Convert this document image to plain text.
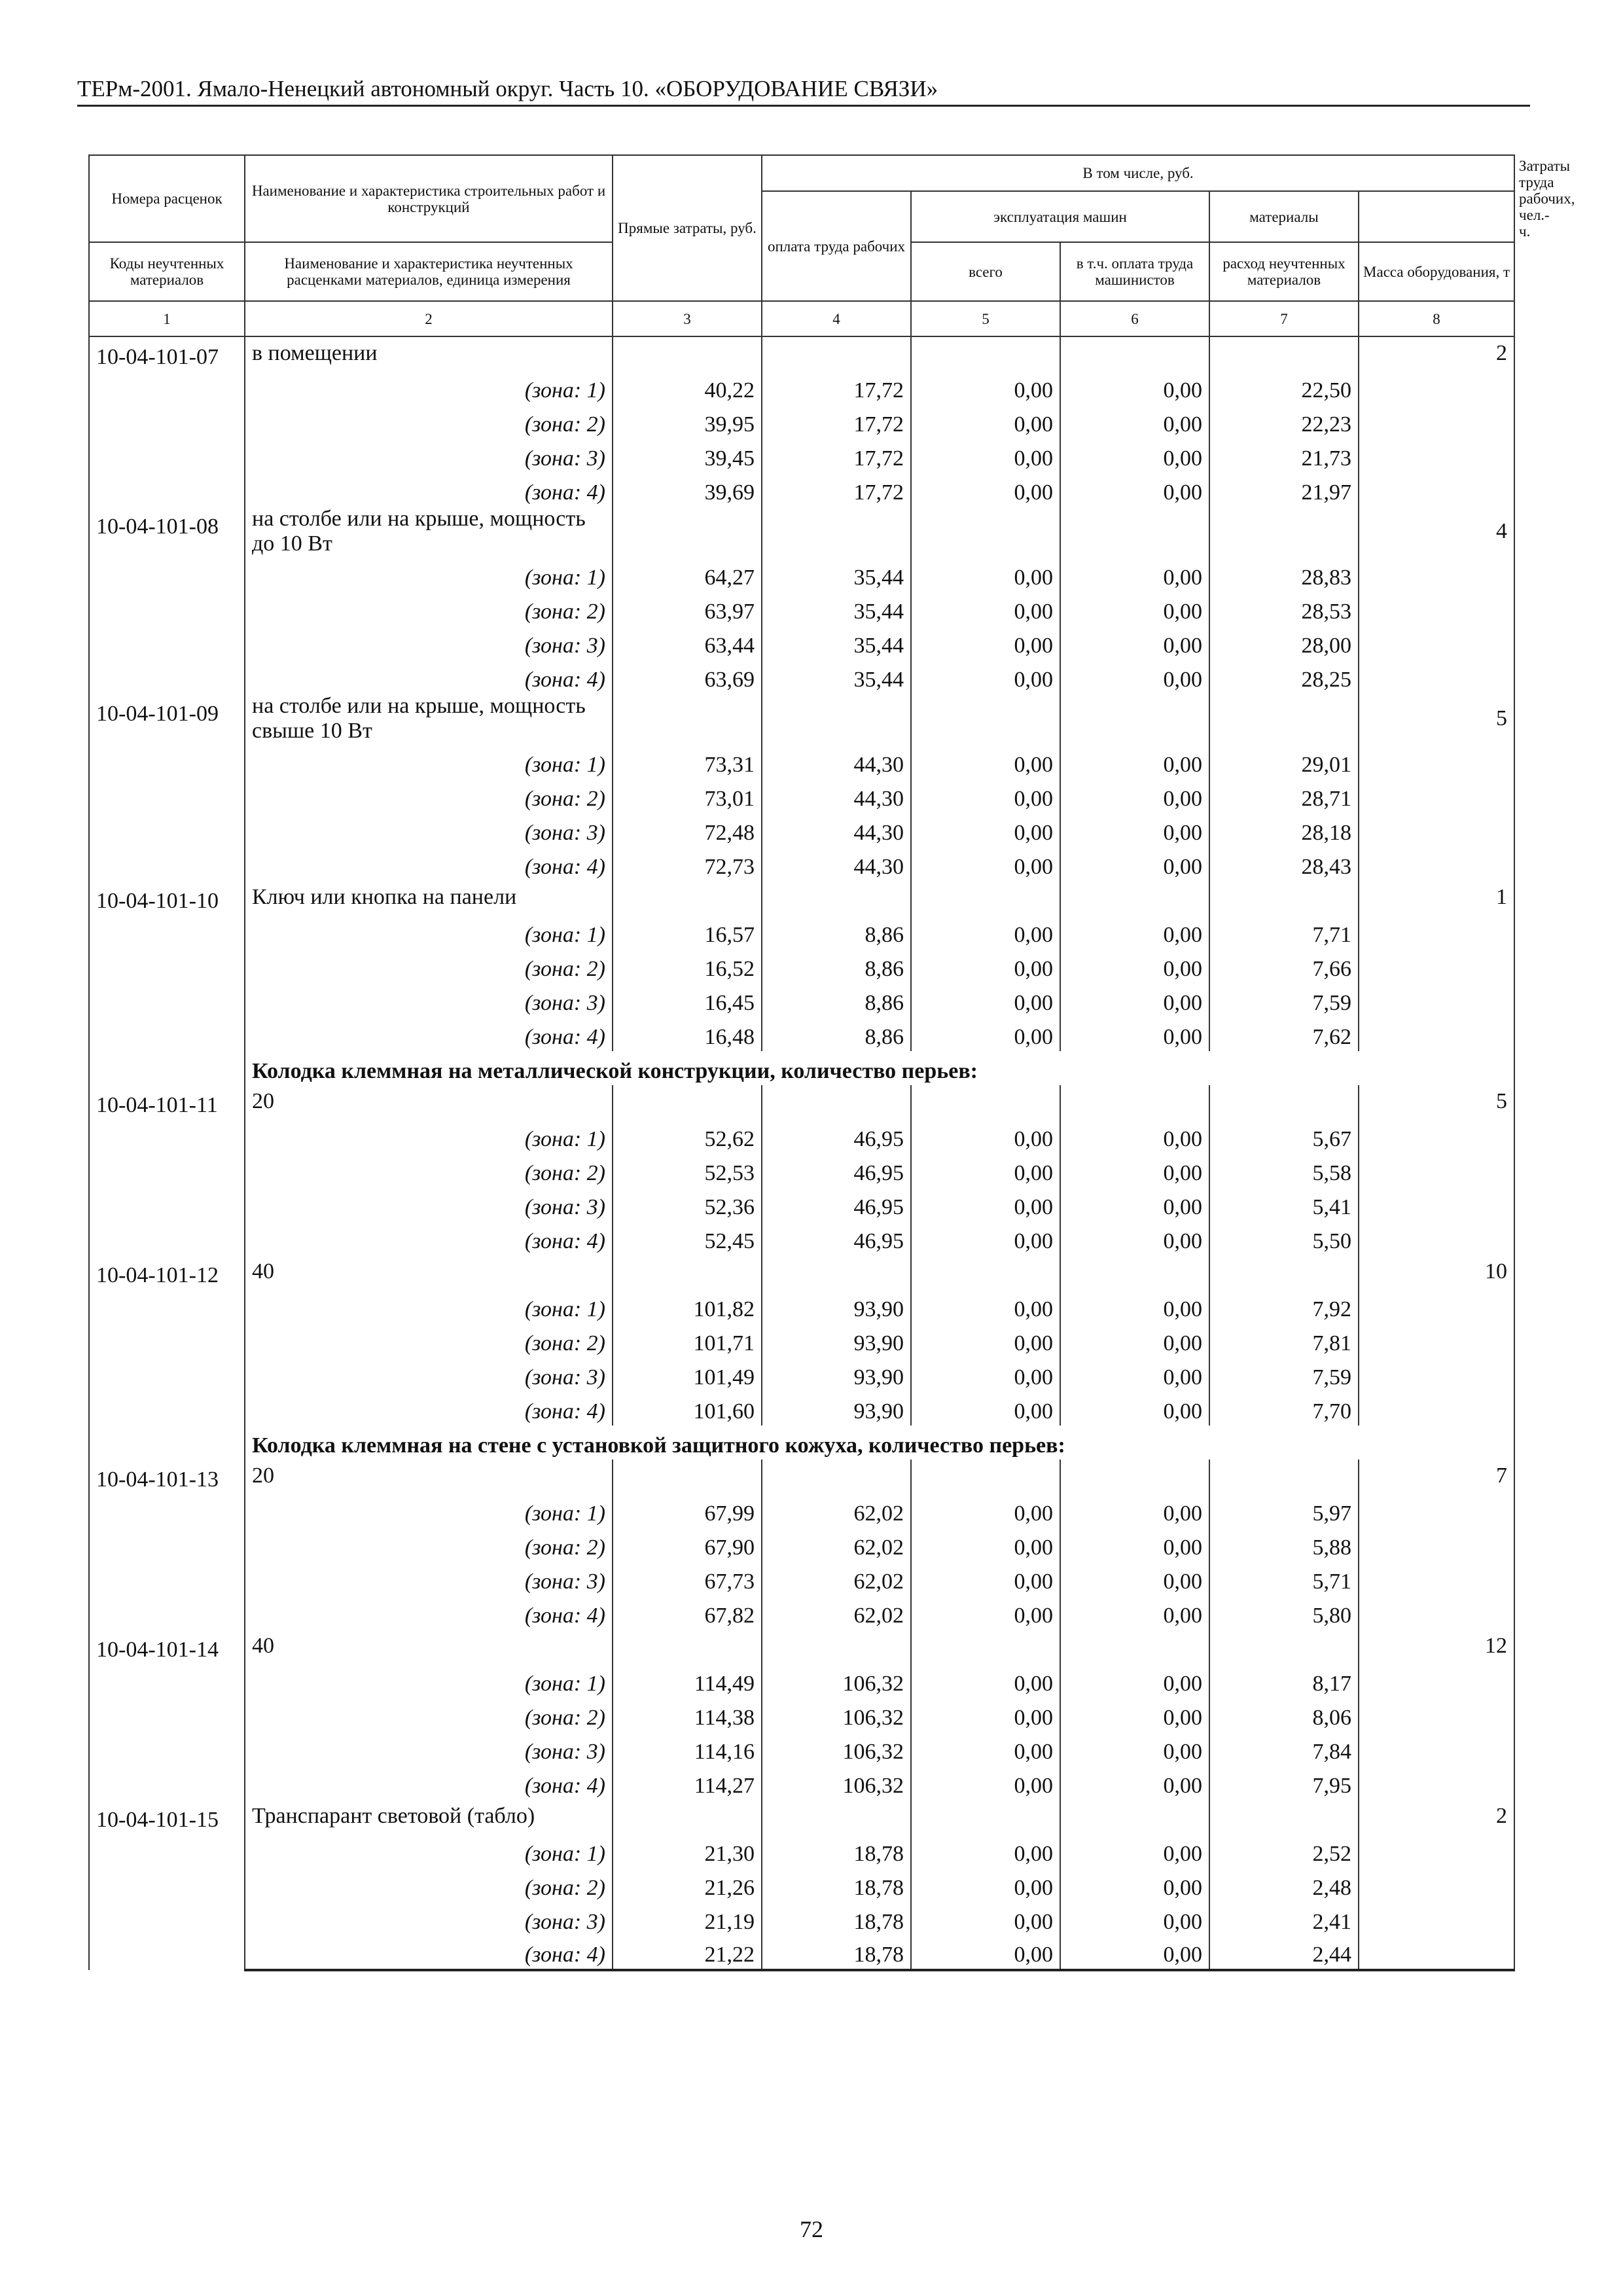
ТЕРм-2001. Ямало-Ненецкий автономный округ. Часть 10. «ОБОРУДОВАНИЕ СВЯЗИ»
Номера расценок	Наименование и характеристика строительных работ и конструкций	Прямые затраты, руб.	В том числе, руб.					Затраты труда рабочих, чел.-ч.
			оплата труда рабочих	эксплуатация машин		материалы		
Коды неучтенных материалов	Наименование и характеристика неучтенных расценками материалов, единица измерения			всего	в т.ч. оплата труда машинистов	расход неучтенных материалов	Масса оборудования, т	
1	2	3	4	5	6	7	8	
10-04-101-07	в помещении						2	
	(зона: 1)	40,22	17,72	0,00	0,00	22,50		
	(зона: 2)	39,95	17,72	0,00	0,00	22,23		
	(зона: 3)	39,45	17,72	0,00	0,00	21,73		
	(зона: 4)	39,69	17,72	0,00	0,00	21,97		
10-04-101-08	на столбе или на крыше, мощность до 10 Вт						4	
	(зона: 1)	64,27	35,44	0,00	0,00	28,83		
	(зона: 2)	63,97	35,44	0,00	0,00	28,53		
	(зона: 3)	63,44	35,44	0,00	0,00	28,00		
	(зона: 4)	63,69	35,44	0,00	0,00	28,25		
10-04-101-09	на столбе или на крыше, мощность свыше 10 Вт						5	
	(зона: 1)	73,31	44,30	0,00	0,00	29,01		
	(зона: 2)	73,01	44,30	0,00	0,00	28,71		
	(зона: 3)	72,48	44,30	0,00	0,00	28,18		
	(зона: 4)	72,73	44,30	0,00	0,00	28,43		
10-04-101-10	Ключ или кнопка на панели						1	
	(зона: 1)	16,57	8,86	0,00	0,00	7,71		
	(зона: 2)	16,52	8,86	0,00	0,00	7,66		
	(зона: 3)	16,45	8,86	0,00	0,00	7,59		
	(зона: 4)	16,48	8,86	0,00	0,00	7,62		
	Колодка клеммная на металлической конструкции, количество перьев:							
10-04-101-11	20						5	
	(зона: 1)	52,62	46,95	0,00	0,00	5,67		
	(зона: 2)	52,53	46,95	0,00	0,00	5,58		
	(зона: 3)	52,36	46,95	0,00	0,00	5,41		
	(зона: 4)	52,45	46,95	0,00	0,00	5,50		
10-04-101-12	40						10	
	(зона: 1)	101,82	93,90	0,00	0,00	7,92		
	(зона: 2)	101,71	93,90	0,00	0,00	7,81		
	(зона: 3)	101,49	93,90	0,00	0,00	7,59		
	(зона: 4)	101,60	93,90	0,00	0,00	7,70		
	Колодка клеммная на стене с установкой защитного кожуха, количество перьев:							
10-04-101-13	20						7	
	(зона: 1)	67,99	62,02	0,00	0,00	5,97		
	(зона: 2)	67,90	62,02	0,00	0,00	5,88		
	(зона: 3)	67,73	62,02	0,00	0,00	5,71		
	(зона: 4)	67,82	62,02	0,00	0,00	5,80		
10-04-101-14	40						12	
	(зона: 1)	114,49	106,32	0,00	0,00	8,17		
	(зона: 2)	114,38	106,32	0,00	0,00	8,06		
	(зона: 3)	114,16	106,32	0,00	0,00	7,84		
	(зона: 4)	114,27	106,32	0,00	0,00	7,95		
10-04-101-15	Транспарант световой (табло)						2	
	(зона: 1)	21,30	18,78	0,00	0,00	2,52		
	(зона: 2)	21,26	18,78	0,00	0,00	2,48		
	(зона: 3)	21,19	18,78	0,00	0,00	2,41		
	(зона: 4)	21,22	18,78	0,00	0,00	2,44		
72
